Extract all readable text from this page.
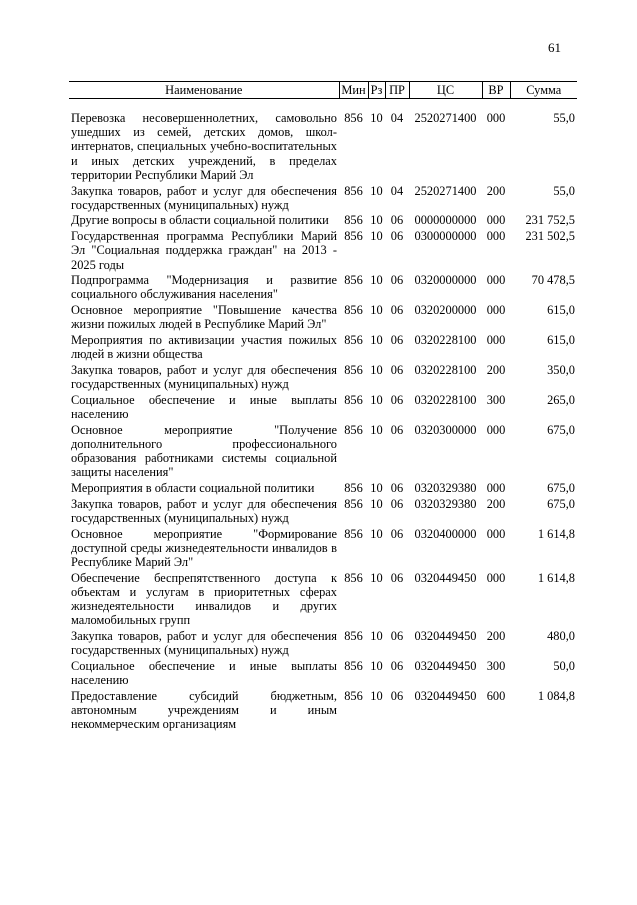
61
Наименование	Мин	Рз	ПР	ЦС	ВР	Сумма
Перевозка несовершеннолетних, самовольно ушедших из семей, детских домов, школ-интернатов, специальных учебно-воспитательных и иных детских учреждений, в пределах территории Республики Марий Эл	856	10	04	2520271400	000	55,0
Закупка товаров, работ и услуг для обеспечения государственных (муниципальных) нужд	856	10	04	2520271400	200	55,0
Другие вопросы в области социальной политики	856	10	06	0000000000	000	231 752,5
Государственная программа Республики Марий Эл "Социальная поддержка граждан" на 2013 - 2025 годы	856	10	06	0300000000	000	231 502,5
Подпрограмма "Модернизация и развитие социального обслуживания населения"	856	10	06	0320000000	000	70 478,5
Основное мероприятие "Повышение качества жизни пожилых людей в Республике Марий Эл"	856	10	06	0320200000	000	615,0
Мероприятия по активизации участия пожилых людей в жизни общества	856	10	06	0320228100	000	615,0
Закупка товаров, работ и услуг для обеспечения государственных (муниципальных) нужд	856	10	06	0320228100	200	350,0
Социальное обеспечение и иные выплаты населению	856	10	06	0320228100	300	265,0
Основное мероприятие "Получение дополнительного профессионального образования работниками системы социальной защиты населения"	856	10	06	0320300000	000	675,0
Мероприятия в области социальной политики	856	10	06	0320329380	000	675,0
Закупка товаров, работ и услуг для обеспечения государственных (муниципальных) нужд	856	10	06	0320329380	200	675,0
Основное мероприятие "Формирование доступной среды жизнедеятельности инвалидов в Республике Марий Эл"	856	10	06	0320400000	000	1 614,8
Обеспечение беспрепятственного доступа к объектам и услугам в приоритетных сферах жизнедеятельности инвалидов и других маломобильных групп	856	10	06	0320449450	000	1 614,8
Закупка товаров, работ и услуг для обеспечения государственных (муниципальных) нужд	856	10	06	0320449450	200	480,0
Социальное обеспечение и иные выплаты населению	856	10	06	0320449450	300	50,0
Предоставление субсидий бюджетным, автономным учреждениям и иным некоммерческим организациям	856	10	06	0320449450	600	1 084,8
